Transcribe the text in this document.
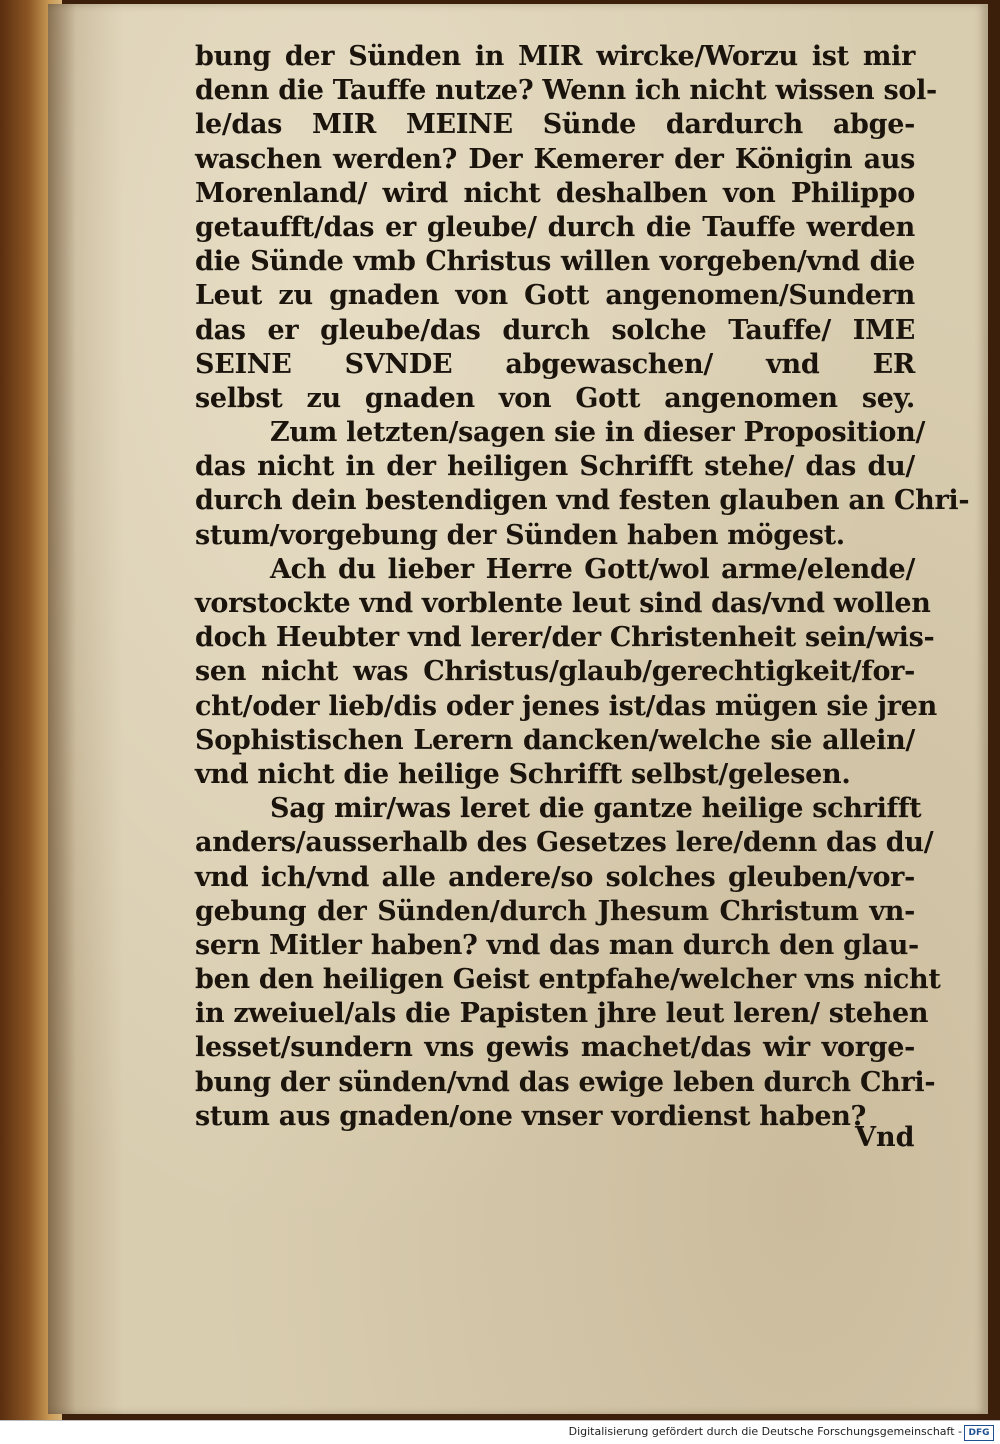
bung der Sünden in MIR wircke/Worzu ist mir
denn die Tauffe nutze? Wenn ich nicht wissen sol-
le/das MIR MEINE Sünde dardurch abge-
waschen werden? Der Kemerer der Königin aus
Morenland/ wird nicht deshalben von Philippo
getaufft/das er gleube/ durch die Tauffe werden
die Sünde vmb Christus willen vorgeben/vnd die
Leut zu gnaden von Gott angenomen/Sundern
das er gleube/das durch solche Tauffe/ IME
SEINE SVNDE abgewaschen/ vnd ER
selbst zu gnaden von Gott angenomen sey.
Zum letzten/sagen sie in dieser Proposition/
das nicht in der heiligen Schrifft stehe/ das du/
durch dein bestendigen vnd festen glauben an Chri-
stum/vorgebung der Sünden haben mögest.
Ach du lieber Herre Gott/wol arme/elende/
vorstockte vnd vorblente leut sind das/vnd wollen
doch Heubter vnd lerer/der Christenheit sein/wis-
sen nicht was Christus/glaub/gerechtigkeit/for-
cht/oder lieb/dis oder jenes ist/das mügen sie jren
Sophistischen Lerern dancken/welche sie allein/
vnd nicht die heilige Schrifft selbst/gelesen.
Sag mir/was leret die gantze heilige schrifft
anders/ausserhalb des Gesetzes lere/denn das du/
vnd ich/vnd alle andere/so solches gleuben/vor-
gebung der Sünden/durch Jhesum Christum vn-
sern Mitler haben? vnd das man durch den glau-
ben den heiligen Geist entpfahe/welcher vns nicht
in zweiuel/als die Papisten jhre leut leren/ stehen
lesset/sundern vns gewis machet/das wir vorge-
bung der sünden/vnd das ewige leben durch Chri-
stum aus gnaden/one vnser vordienst haben?
Vnd
Digitalisierung gefördert durch die Deutsche Forschungsgemeinschaft - DFG
